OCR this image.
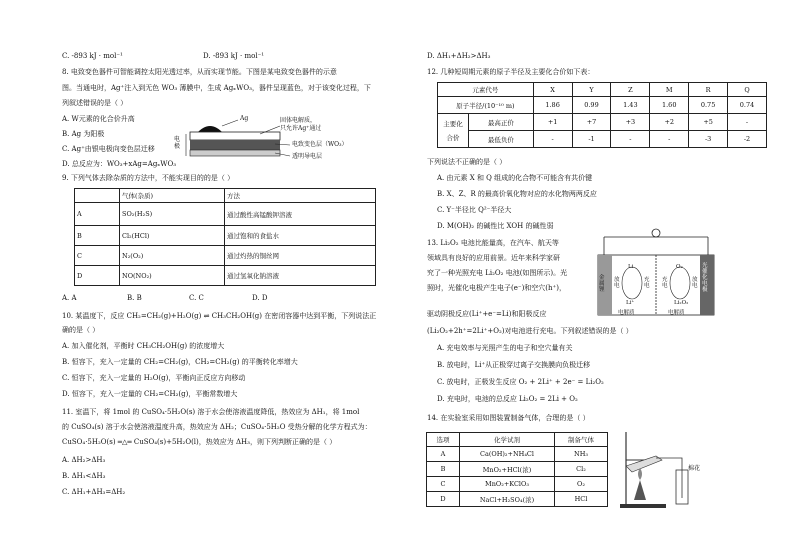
C. -893 kJ · mol⁻¹	D. -893 kJ · mol⁻¹
8. 电致变色器件可智能调控太阳光透过率，从而实现节能。下图是某电致变色器件的示意
图。当通电时，Ag⁺注入到无色 WO₃ 薄膜中，生成 AgₓWO₃，器件呈现蓝色，对于该变化过程，下
列叙述错误的是（ ）
A. W元素的化合价升高
B. Ag 为阳极
C. Ag⁺由银电极向变色层迁移
D. 总反应为：WO₃+xAg=AgₓWO₃
Ag	固体电解质，
只允许Ag⁺通过
电极	电致变色层（WO₃）
透明导电层
9. 下列气体去除杂质的方法中，不能实现目的的是（ ）
	气体(杂质)	方法
A	SO₂(H₂S)	通过酸性高锰酸钾溶液
B	Cl₂(HCl)	通过饱和的食盐水
C	N₂(O₂)	通过灼热的铜丝网
D	NO(NO₂)	通过氢氧化钠溶液
A. A	B. B	C. C	D. D
10. 某温度下，反应 CH₂=CH₂(g)+H₂O(g) ⇌ CH₃CH₂OH(g) 在密闭容器中达到平衡，下列说法正
确的是（ ）
A. 加入催化剂，平衡时 CH₃CH₂OH(g) 的浓度增大
B. 恒容下，充入一定量的 CH₂=CH₂(g)，CH₂=CH₂(g) 的平衡转化率增大
C. 恒容下，充入一定量的 H₂O(g)，平衡向正反应方向移动
D. 恒容下，充入一定量的 CH₂=CH₂(g)，平衡常数增大
11. 室温下，将 1mol 的 CuSO₄·5H₂O(s) 溶于水会使溶液温度降低，热效应为 ΔH₁，将 1mol
的 CuSO₄(s) 溶于水会使溶液温度升高，热效应为 ΔH₂；CuSO₄·5H₂O 受热分解的化学方程式为：
CuSO₄·5H₂O(s) ═△═ CuSO₄(s)+5H₂O(l)，热效应为 ΔH₃，则下列判断正确的是（ ）
A. ΔH₂>ΔH₃
B. ΔH₁<ΔH₃
C. ΔH₁+ΔH₃=ΔH₂
D. ΔH₁+ΔH₂>ΔH₃
12. 几种短周期元素的原子半径及主要化合价如下表：
元素代号		X	Y	Z	M	R	Q
原子半径/(10⁻¹⁰ m)		1.86	0.99	1.43	1.60	0.75	0.74
主要化
合价	最高正价	+1	+7	+3	+2	+5	-
	最低负价	-	-1	-	-	-3	-2
下列说法不正确的是（ ）
A. 由元素 X 和 Q 组成的化合物不可能含有共价键
B. X、Z、R 的最高价氧化物对应的水化物两两反应
C. Y⁻半径比 Q²⁻半径大
D. M(OH)₂ 的碱性比 XOH 的碱性弱
13. Li₂O₂ 电池比能量高，在汽车、航天等
领域具有良好的应用前景。近年来科学家研
究了一种光照充电 Li₂O₂ 电池(如图所示)。光
照时，光催化电极产生电子(e⁻)和空穴(h⁺)，
驱动阴极反应(Li⁺+e⁻=Li)和阳极反应
(Li₂O₂+2h⁺=2Li⁺+O₂)对电池进行充电。下列叙述错误的是（ ）
A. 充电效率与光照产生的电子和空穴量有关
B. 放电时，Li⁺从正极穿过离子交换膜向负极迁移
C. 放电时，正极发生反应 O₂ + 2Li⁺ + 2e⁻ = Li₂O₂
D. 充电时，电池的总反应 Li₂O₂ = 2Li + O₂
金属锂
Li
Li⁺
放电
充电
O₂
Li₂O₂
充电
放电
电解质	电解质
光催化电极
14. 在实验室采用如图装置制备气体，合理的是（ ）
选项	化学试剂	制备气体
A	Ca(OH)₂+NH₄Cl	NH₃
B	MnO₂+HCl(浓)	Cl₂
C	MnO₂+KClO₃	O₂
D	NaCl+H₂SO₄(浓)	HCl
棉花
